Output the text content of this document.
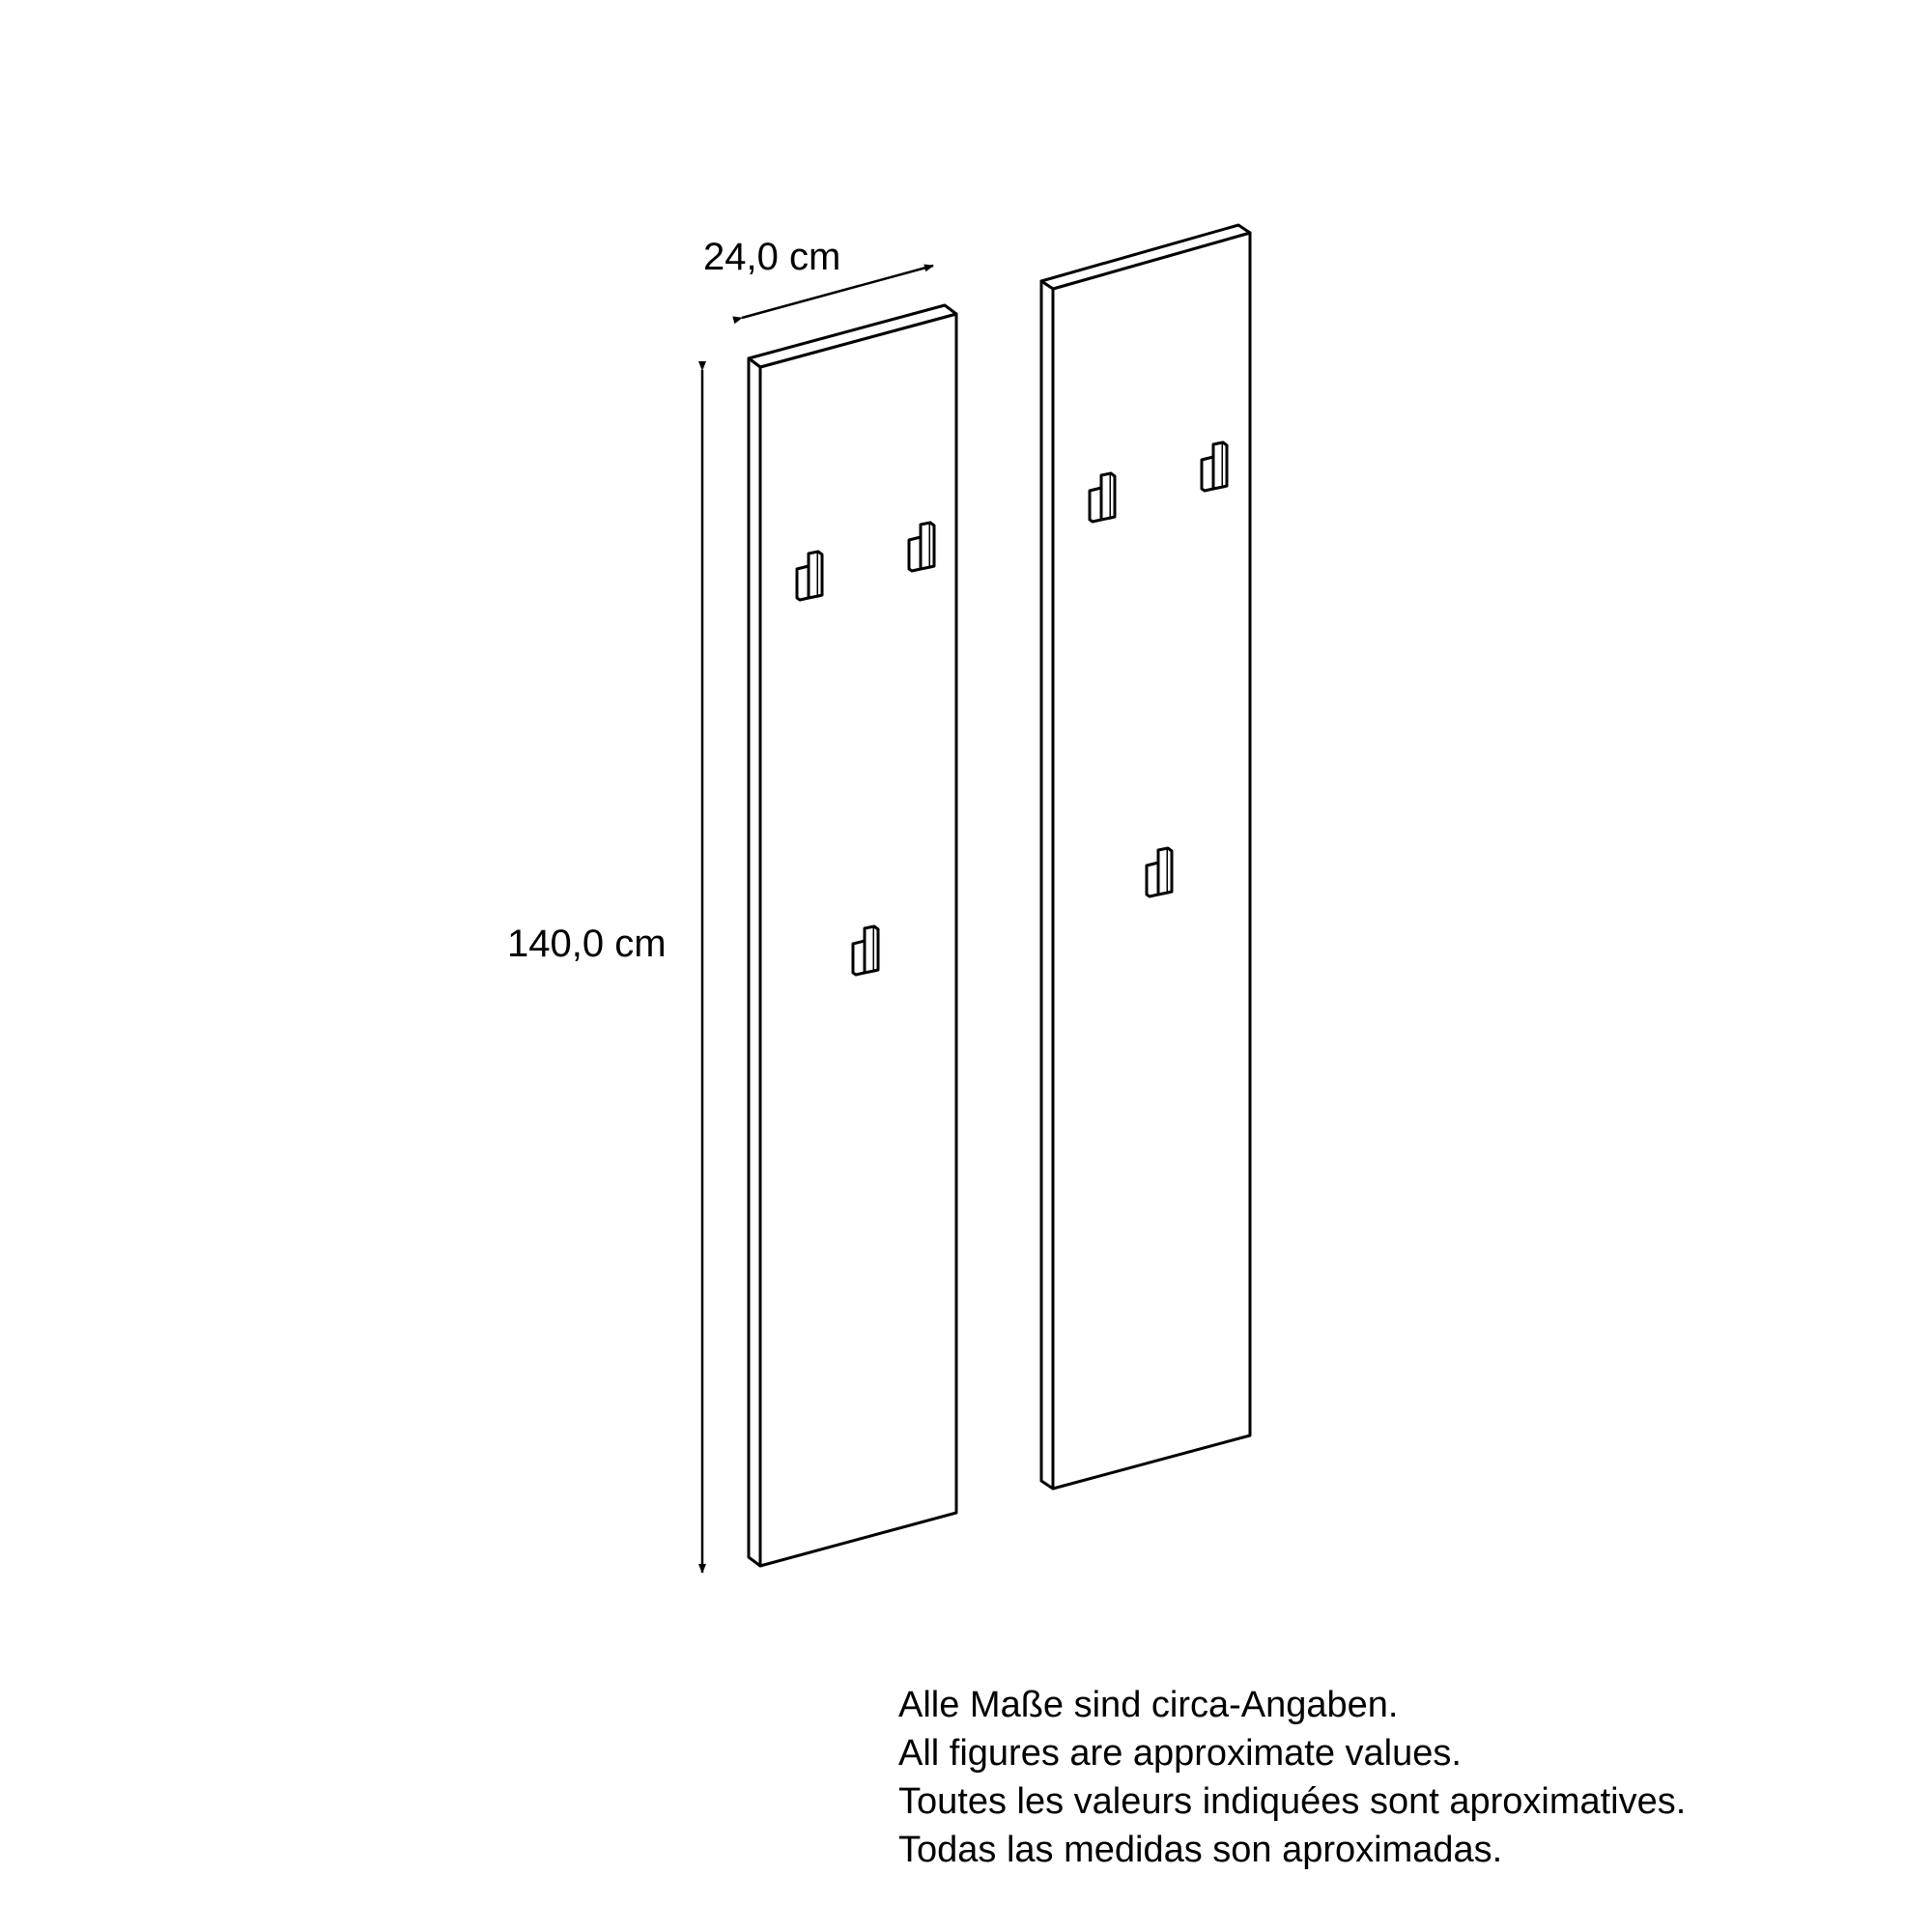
24,0 cm
140,0 cm
Alle Maße sind circa-Angaben.
All figures are approximate values.
Toutes les valeurs indiquées sont aproximatives.
Todas las medidas son aproximadas.
